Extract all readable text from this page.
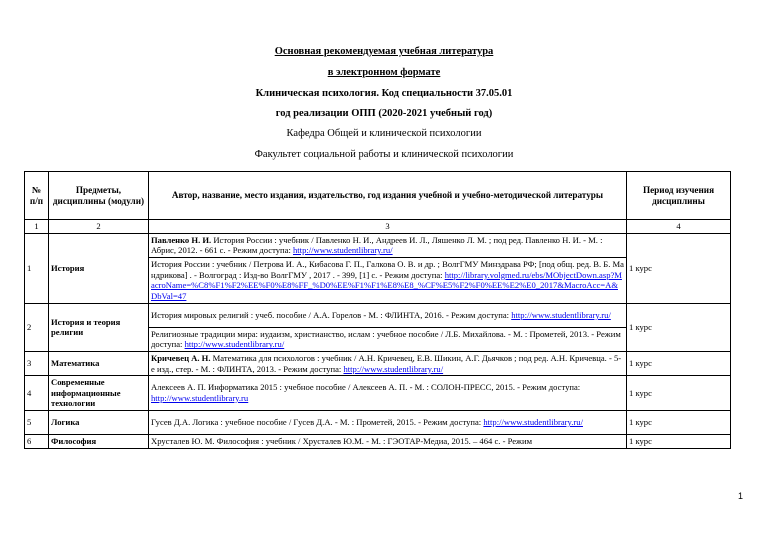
Основная рекомендуемая учебная литература
в электронном формате
Клиническая психология. Код специальности 37.05.01
год реализации ОПП (2020-2021 учебный год)
Кафедра Общей и клинической психологии
Факультет социальной работы и клинической психологии
№ п/п	Предметы, дисциплины (модули)	Автор, название, место издания, издательство, год издания учебной и учебно-методической литературы	Период изучения дисциплины
1	2	3	4
1	История	Павленко Н. И. История России : учебник / Павленко Н. И., Андреев И. Л., Ляшенко Л. М. ; под ред. Павленко Н. И. - М. : Абрис, 2012. - 661 с. - Режим доступа: http://www.studentlibrary.ru/	1 курс
		История России : учебник / Петрова И. А., Кибасова Г. П., Галкова О. В. и др. ; ВолгГМУ Минздрава РФ; [под общ. ред. В. Б. Мандрикова] . - Волгоград : Изд-во ВолгГМУ , 2017 . - 399, [1] с. - Режим доступа: http://library.volgmed.ru/ebs/MObjectDown.asp?MacroName=%C8%F1%F2%EE%F0%E8%FF_%D0%EE%F1%F1%E8%E8_%CF%E5%F2%F0%EE%E2%E0_2017&MacroAcc=A&DbVal=47	
2	История и теория религии	История мировых религий : учеб. пособие / А.А. Горелов - М. : ФЛИНТА, 2016. - Режим доступа: http://www.studentlibrary.ru/	1 курс
		Религиозные традиции мира: иудаизм, христианство, ислам : учебное пособие / Л.Б. Михайлова. - М. : Прометей, 2013. - Режим доступа: http://www.studentlibrary.ru/	
3	Математика	Кричевец А. Н. Математика для психологов : учебник / А.Н. Кричевец, Е.В. Шикин, А.Г. Дьячков ; под ред. А.Н. Кричевца. - 5-е изд., стер. - М. : ФЛИНТА, 2013. - Режим доступа: http://www.studentlibrary.ru/	1 курс
4	Современные информационные технологии	Алексеев А. П. Информатика 2015 : учебное пособие / Алексеев А. П. - М. : СОЛОН-ПРЕСС, 2015. - Режим доступа: http://www.studentlibrary.ru	1 курс
5	Логика	Гусев Д.А. Логика : учебное пособие / Гусев Д.А. - М. : Прометей, 2015. - Режим доступа: http://www.studentlibrary.ru/	1 курс
6	Философия	Хрусталев Ю. М. Философия : учебник / Хрусталев Ю.М. - М. : ГЭОТАР-Медиа, 2015. – 464 с. - Режим	1 курс
1
